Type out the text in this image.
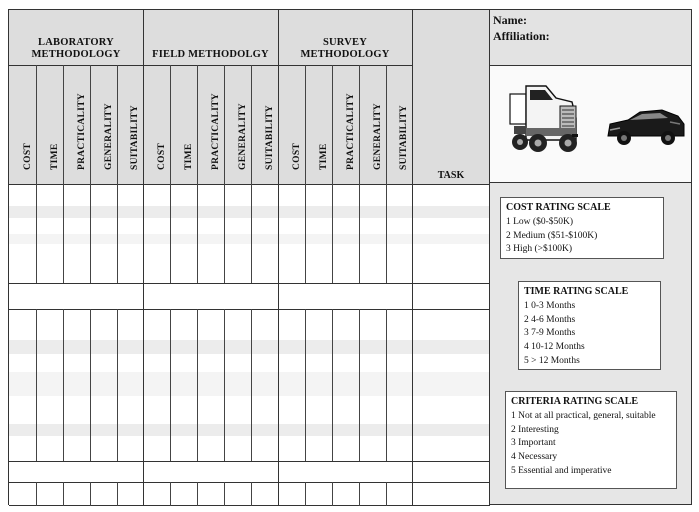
LABORATORY
METHODOLOGY	FIELD METHODOLGY
SURVEY METHODOLOGY
COST TIME PRACTICALITY GENERALITY SUITABILITY COST TIME PRACTICALITY GENERALITY SUITABILITY COST TIME PRACTICALITY GENERALITY SUITABILITY
TASK
Name:
Affiliation:
COST RATING SCALE
1 Low ($0-$50K)
2 Medium ($51-$100K)
3 High (>$100K)
TIME RATING SCALE
1 0-3 Months
2 4-6 Months
3 7-9 Months
4 10-12 Months
5 > 12 Months
CRITERIA RATING SCALE
1 Not at all practical, general, suitable
2 Interesting
3 Important
4 Necessary
5 Essential and imperative
